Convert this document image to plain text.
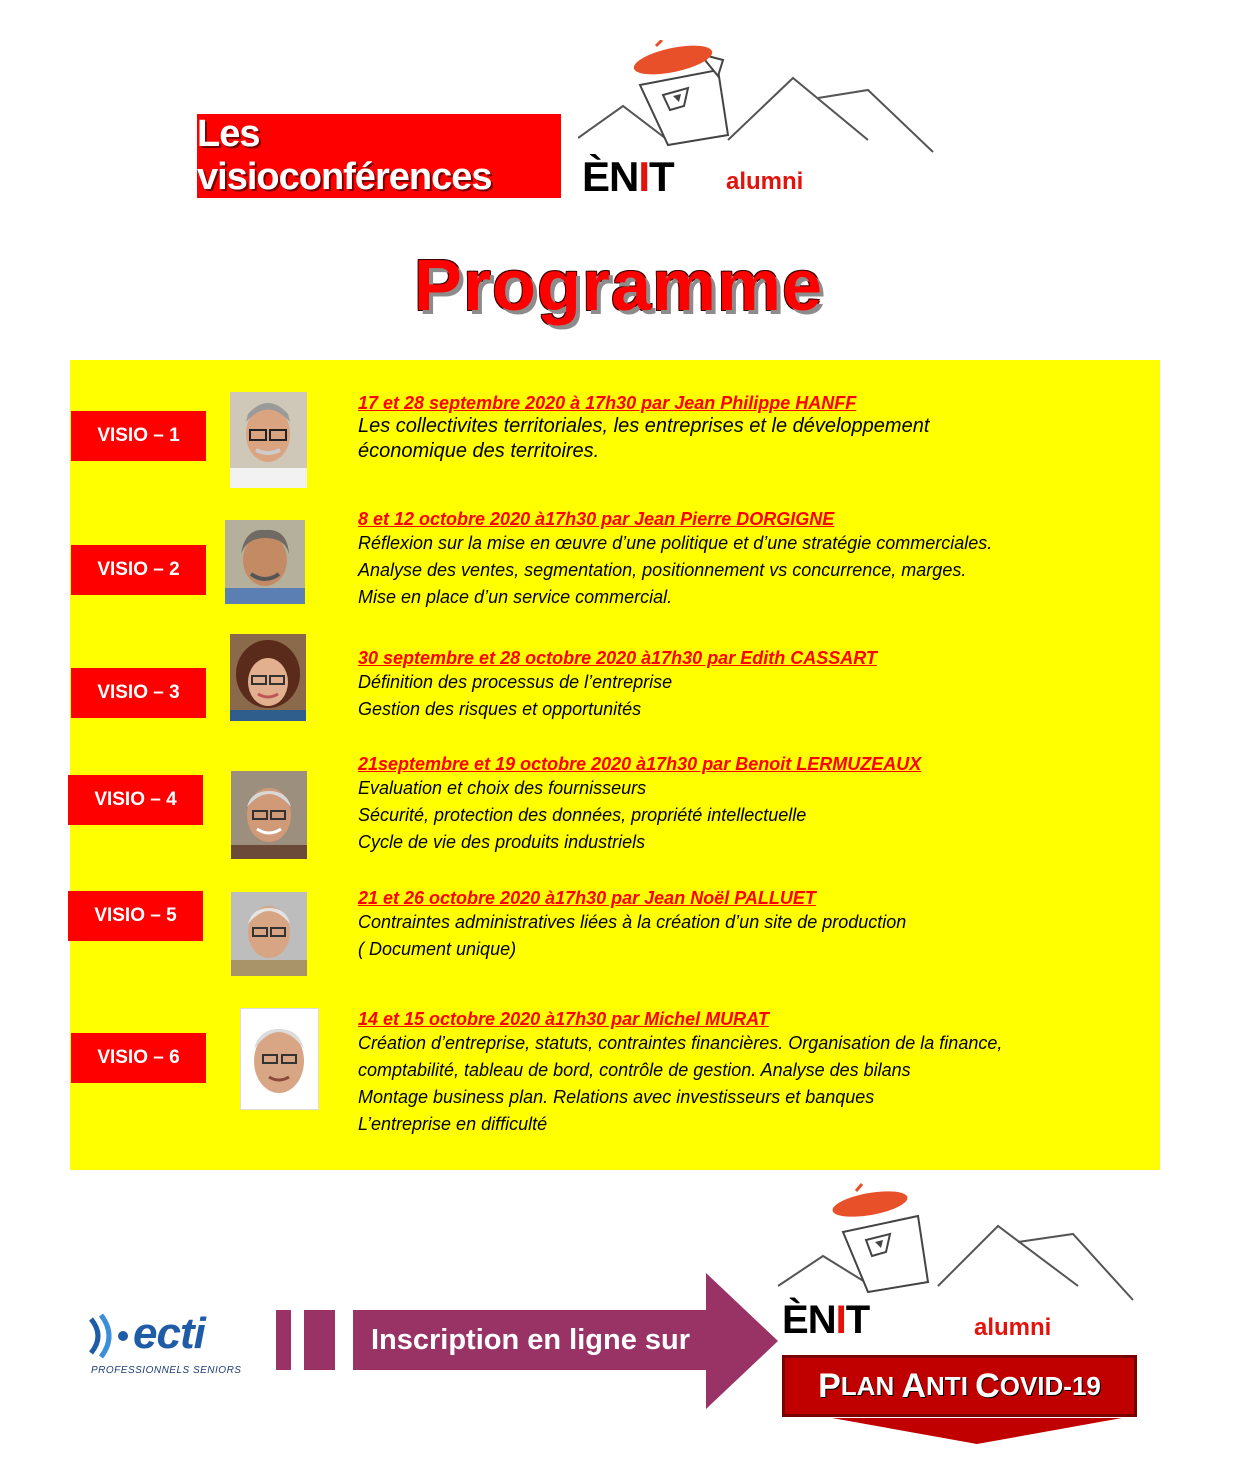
Les visioconférences	ÈNIT alumni
Programme
VISIO – 1
17 et 28 septembre 2020 à 17h30 par Jean Philippe HANFF
Les collectivites territoriales, les entreprises et le développement
économique des territoires.
VISIO – 2
8 et 12 octobre 2020 à17h30 par Jean Pierre DORGIGNE
Réflexion sur la mise en œuvre d’une politique et d’une stratégie commerciales.
Analyse des ventes, segmentation, positionnement vs concurrence, marges.
Mise en place d’un service commercial.
VISIO – 3
30 septembre et 28 octobre 2020 à17h30 par Edith CASSART
Définition des processus de l’entreprise
Gestion des risques et opportunités
VISIO – 4
21septembre et 19 octobre 2020 à17h30 par Benoit LERMUZEAUX
Evaluation et choix des fournisseurs
Sécurité, protection des données, propriété intellectuelle
Cycle de vie des produits industriels
VISIO – 5
21 et 26 octobre 2020 à17h30 par Jean Noël PALLUET
Contraintes administratives liées à la création d’un site de production
( Document unique)
VISIO – 6
14 et 15 octobre 2020 à17h30 par Michel MURAT
Création d’entreprise, statuts, contraintes financières. Organisation de la finance,
comptabilité, tableau de bord, contrôle de gestion. Analyse des bilans
Montage business plan. Relations avec investisseurs et banques
L’entreprise en difficulté
ecti
PROFESSIONNELS SENIORS
Inscription en ligne sur	ÈNIT	alumni
P LAN
A NTI
C OVID-19
